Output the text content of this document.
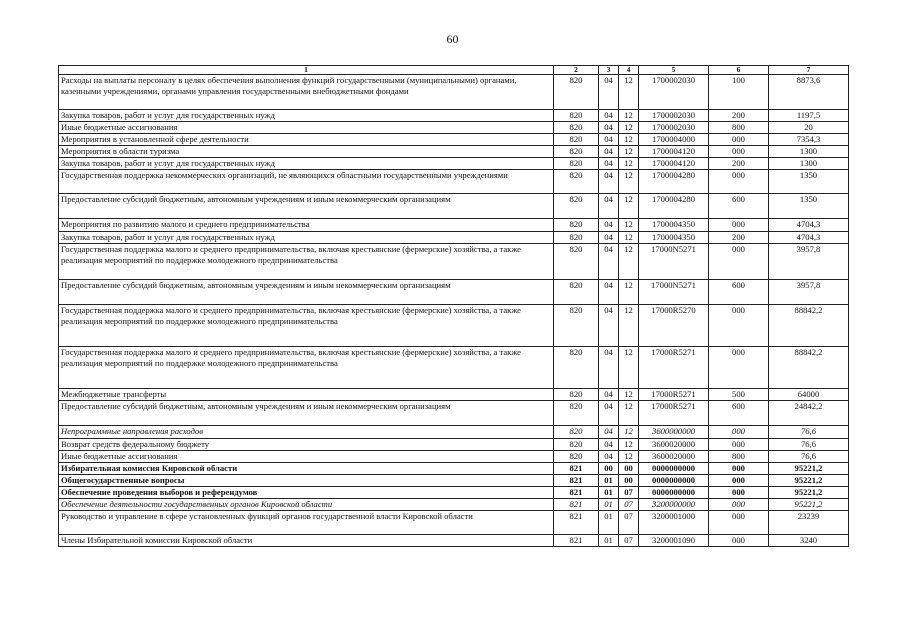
60
1	2	3	4	5	6	7
Расходы на выплаты персоналу в целях обеспечения выполнения функций государственными (муниципальными) органами, казенными учреждениями, органами управления государственными внебюджетными фондами	820	04	12	1700002030	100	8873,6
Закупка товаров, работ и услуг для государственных нужд	820	04	12	1700002030	200	1197,5
Иные бюджетные ассигнования	820	04	12	1700002030	800	20
Мероприятия в установленной сфере деятельности	820	04	12	1700004000	000	7354,3
Мероприятия в области туризма	820	04	12	1700004120	000	1300
Закупка товаров, работ и услуг для государственных нужд	820	04	12	1700004120	200	1300
Государственная поддержка некоммерческих организаций, не являющихся областными государственными учреждениями	820	04	12	1700004280	000	1350
Предоставление субсидий бюджетным, автономным учреждениям и иным некоммерческим организациям	820	04	12	1700004280	600	1350
Мероприятия по развитию малого и среднего предпринимательства	820	04	12	1700004350	000	4704,3
Закупка товаров, работ и услуг для государственных нужд	820	04	12	1700004350	200	4704,3
Государственная поддержка малого и среднего предпринимательства, включая крестьянские (фермерские) хозяйства, а также реализация мероприятий по поддержке молодежного предпринимательства	820	04	12	17000N5271	000	3957,8
Предоставление субсидий бюджетным, автономным учреждениям и иным некоммерческим организациям	820	04	12	17000N5271	600	3957,8
Государственная поддержка малого и среднего предпринимательства, включая крестьянские (фермерские) хозяйства, а также реализация мероприятий по поддержке молодежного предпринимательства	820	04	12	17000R5270	000	88842,2
Государственная поддержка малого и среднего предпринимательства, включая крестьянские (фермерские) хозяйства, а также реализация мероприятий по поддержке молодежного предпринимательства	820	04	12	17000R5271	000	88842,2
Межбюджетные трансферты	820	04	12	17000R5271	500	64000
Предоставление субсидий бюджетным, автономным учреждениям и иным некоммерческим организациям	820	04	12	17000R5271	600	24842,2
Непрограммные направления расходов	820	04	12	3600000000	000	76,6
Возврат средств федеральному бюджету	820	04	12	3600020000	000	76,6
Иные бюджетные ассигнования	820	04	12	3600020000	800	76,6
Избирательная комиссия Кировской области	821	00	00	0000000000	000	95221,2
Общегосударственные вопросы	821	01	00	0000000000	000	95221,2
Обеспечение проведения выборов и референдумов	821	01	07	0000000000	000	95221,2
Обеспечение деятельности государственных органов Кировской области	821	01	07	3200000000	000	95221,2
Руководство и управление в сфере установленных функций органов государственной власти Кировской области	821	01	07	3200001000	000	23239
Члены Избирательной комиссии Кировской области	821	01	07	3200001090	000	3240
